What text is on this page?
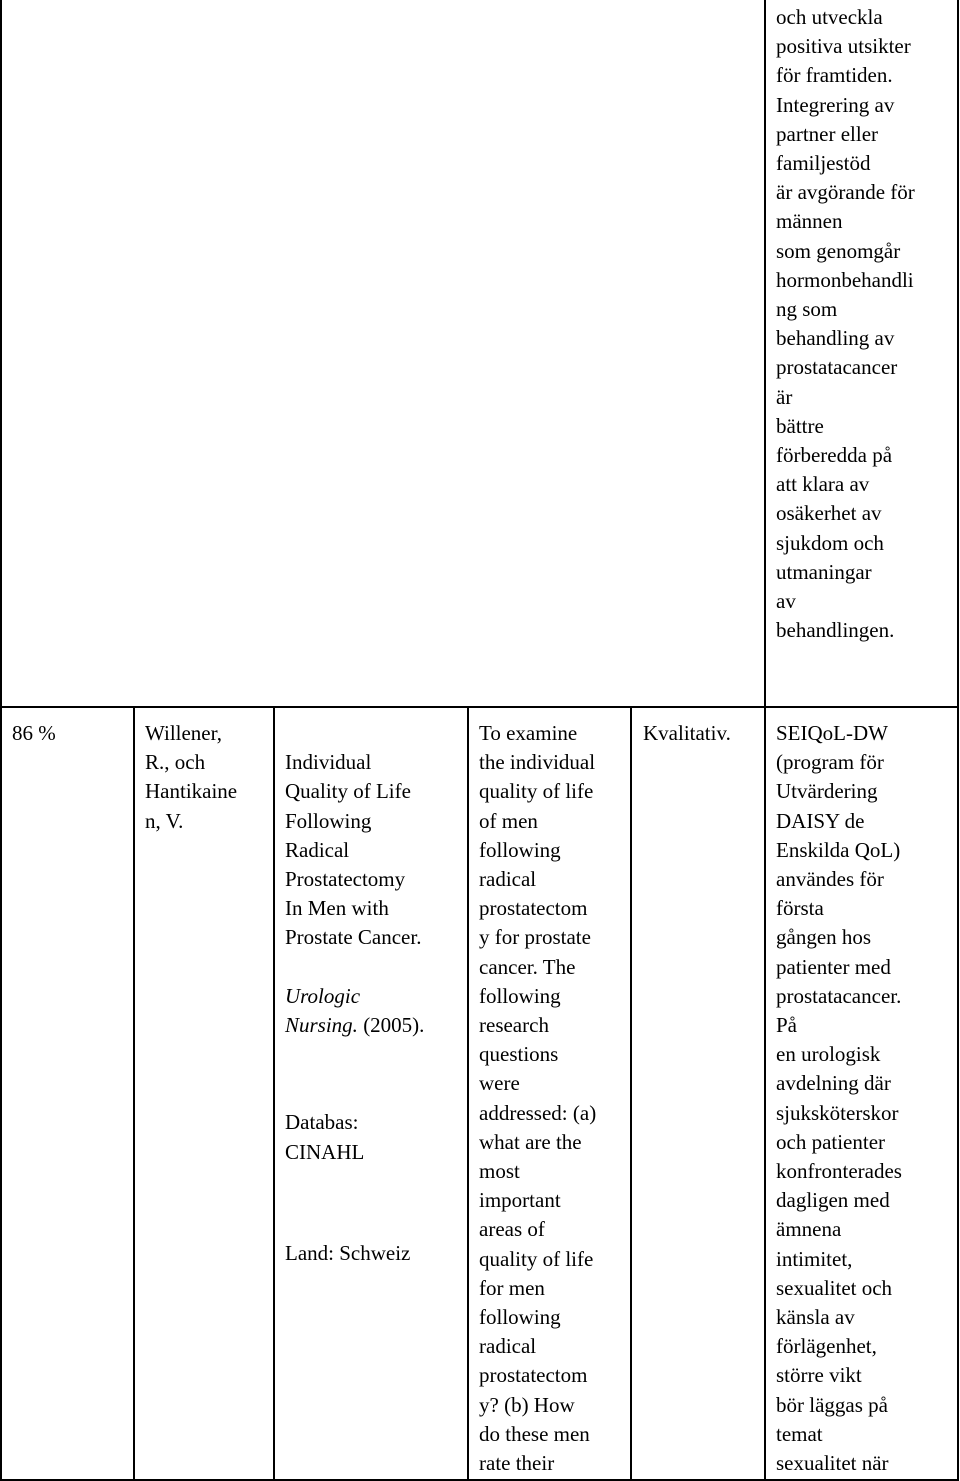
och utveckla
positiva utsikter
för framtiden.
Integrering av
partner eller
familjestöd
är avgörande för
männen
som genomgår
hormonbehandli
ng som
behandling av
prostatacancer
är
bättre
förberedda på
att klara av
osäkerhet av
sjukdom och
utmaningar
av
behandlingen.
86 %	Willener,
R., och
Hantikaine
n, V.

Individual
Quality of Life
Following
Radical
Prostatectomy
In Men with
Prostate Cancer.

Urologic
Nursing. (2005).

Databas:
CINAHL

Land: Schweiz

To examine
the individual
quality of life
of men
following
radical
prostatectom
y for prostate
cancer. The
following
research
questions
were
addressed: (a)
what are the
most
important
areas of
quality of life
for men
following
radical
prostatectom
y? (b) How
do these men
rate their
Kvalitativ. SEIQoL-DW
(program för
Utvärdering
DAISY de
Enskilda QoL)
användes för
första
gången hos
patienter med
prostatacancer.
På
en urologisk
avdelning där
sjuksköterskor
och patienter
konfronterades
dagligen med
ämnena
intimitet,
sexualitet och
känsla av
förlägenhet,
större vikt
bör läggas på
temat
sexualitet när
